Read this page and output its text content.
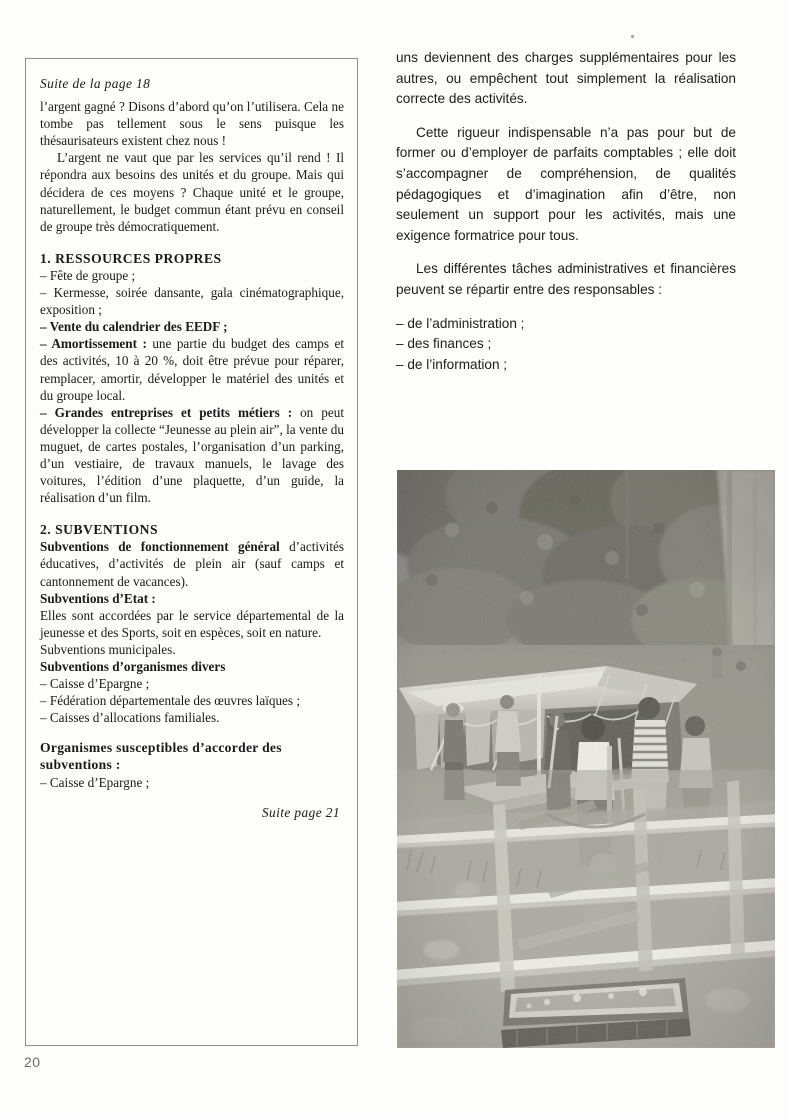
Suite de la page 18

l’argent gagné ? Disons d’abord qu’on l’utilisera. Cela ne tombe pas tellement sous le sens puisque les thésaurisateurs existent chez nous !

L’argent ne vaut que par les services qu’il rend ! Il répondra aux besoins des unités et du groupe. Mais qui décidera de ces moyens ? Chaque unité et le groupe, naturellement, le budget commun étant prévu en conseil de groupe très démocratiquement.

1. RESSOURCES PROPRES

– Fête de groupe ;

– Kermesse, soirée dansante, gala cinématographique, exposition ;

– Vente du calendrier des EEDF ;

– Amortissement : une partie du budget des camps et des activités, 10 à 20 %, doit être prévue pour réparer, remplacer, amortir, développer le matériel des unités et du groupe local.

– Grandes entreprises et petits métiers : on peut développer la collecte “Jeunesse au plein air”, la vente du muguet, de cartes postales, l’organisation d’un parking, d’un vestiaire, de travaux manuels, le lavage des voitures, l’édition d’une plaquette, d’un guide, la réalisation d’un film.

2. SUBVENTIONS

Subventions de fonctionnement général d’activités éducatives, d’activités de plein air (sauf camps et cantonnement de vacances).

Subventions d’Etat :

Elles sont accordées par le service départemental de la jeunesse et des Sports, soit en espèces, soit en nature.

Subventions municipales.

Subventions d’organismes divers

– Caisse d’Epargne ;

– Fédération départementale des œuvres laïques ;

– Caisses d’allocations familiales.

Organismes susceptibles d’accorder des subventions :

– Caisse d’Epargne ;

Suite page 21

uns deviennent des charges supplémentaires pour les autres, ou empêchent tout simplement la réalisation correcte des activités.

Cette rigueur indispensable n’a pas pour but de former ou d’employer de parfaits comptables ; elle doit s’accompagner de compréhension, de qualités pédagogiques et d’imagination afin d’être, non seulement un support pour les activités, mais une exigence formatrice pour tous.

Les différentes tâches administratives et financières peuvent se répartir entre des responsables :

– de l’administration ;

– des finances ;

– de l’information ;

20
